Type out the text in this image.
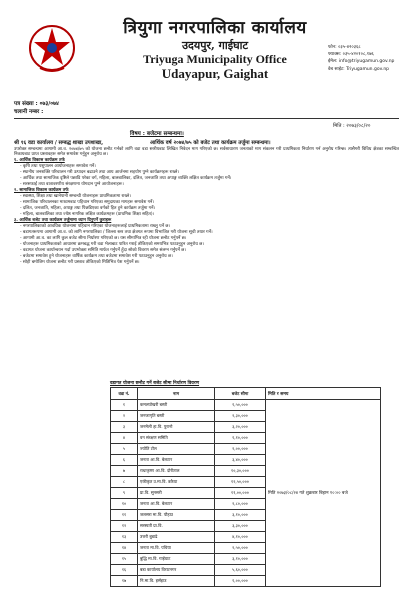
त्रियुगा नगरपालिका कार्यालय
उदयपुर, गाईघाट
Triyuga Municipality Office
Udayapur, Gaighat
फोन: ०३५-४२०३६८
फ्याक्स: ०३५-४२०१०८,१७६
ईमेल: info@triyugamun.gov.np
वेब साईट: Triyugamun.gov.np
पत्र संख्या : ०७३/०७४
चलानी नम्बर :
मिति : २०७३/०८/२०
विषय : बजेटमा सम्बन्धमा।
श्री १६ वडा कार्यालय / सम्बद्ध शाखा उपशाखा,	आर्थिक वर्ष २०७४/७५ को बजेट तथा कार्यक्रम तर्जुमा सम्बन्धमा।

उपरोक्त सम्बन्धमा आगामी आ.व. २०७४/७५ को योजना छनौट गर्नको लागि वडा वडा स्तरीयबाट लिखित निवेदन माग गरिएको छ। सर्वसाधारण जनताको माग संकलन गरी प्राथमिकता निर्धारण गर्न अनुरोध गरिन्छ। त्यसैगरी विविध क्षेत्रका सम्बन्धित निकायबाट प्राप्त प्रस्तावहरू समेत समावेश गर्नुहुन अनुरोध छ।

१. आर्थिक विकास कार्यक्रम तर्फ

- कृषि तथा पशुपालन आयोजनाहरू समावेश गर्ने।

- स्थानीय जनशक्ति परिचालन गरी उत्पादन बढाउने तथा आय आर्जनमा सहयोग पुग्ने कार्यक्रमहरू राख्ने।

- आर्थिक तथा सामाजिक दृष्टिले पछाडि परेका वर्ग, महिला, बालबालिका, दलित, जनजाति तथा अपाङ्ग व्यक्ति लक्षित कार्यक्रम तर्जुमा गर्ने।

- सरसफाई तथा वातावरणीय संरक्षणमा योगदान पुग्ने आयोजनाहरू।

२. सामाजिक विकास कार्यक्रम तर्फ

- स्वास्थ्य, शिक्षा तथा खानेपानी सम्बन्धी योजनाहरू प्राथमिकतामा राख्ने।

- सामाजिक परिचालनका माध्यमबाट पहिचान गरिएका समुदायका मागहरू समावेश गर्ने।

- दलित, जनजाति, महिला, अपाङ्ग तथा पिछडिएका वर्गको हित हुने कार्यक्रम तर्जुमा गर्ने।

- महिला, बालबालिका तथा ज्येष्ठ नागरिक लक्षित कार्यक्रमहरू (प्राथमिक शिक्षा सहित)।

३. आर्थिक बजेट तथा कार्यक्रम तर्जुमामा ध्यान दिनुपर्ने कुराहरू

- नगरपालिकाको आवधिक योजनामा पहिचान गरिएका योजनाहरूलाई प्राथमिकतामा राख्नु पर्ने छ।

- बडागतरूपमा आगामी आ.व. को लागि नगरपालिका / जिल्ला स्तर तथा क्षेत्रगत रूपमा विभाजित गरी योजना सूची तयार गर्ने।

- आगामी आ.व. का लागि कुल बजेट सीमा निर्धारण गरिएको छ। यस सीमाभित्र रही योजना छनौट गर्नुपर्ने छ।

- योजनाहरू प्राथमिकताको आधारमा क्रमबद्ध गरी वडा भेलाबाट पारित गराई तोकिएको समयभित्र पठाउनुहुन अनुरोध छ।

- वडागत योजना कार्यान्वयन गर्दा उपभोक्ता समिति मार्फत गर्नुपर्ने हुँदा सोको विवरण समेत संलग्न गर्नुपर्ने छ।

- बजेटमा समावेश हुने योजनाहरू वार्षिक कार्यक्रम तथा बजेटमा समावेश गरी पठाउनुहुन अनुरोध छ।

- सोही बमोजिम योजना छनौट गरी प्रस्ताव तोकिएको मितिभित्र पेश गर्नुपर्ने छ।

वडागत योजना छनौट गर्ने बजेट सीमा निर्धारण विवरण
वडा नं.	नाम	बजेट सीमा	मिति र समय
१	कमलपोखरी बस्ती	१,५०,०००	मिति २०७३/०८/२४ गते शुक्रबार बिहान १०:०० बजे
२	जनजागृति बस्ती	२,३०,०००	
३	जनमेली हा.वि. पुरानो	३,२०,०००	
४	वन संरक्षण समिति	१,१०,०००	
५	ज्योति टोल	२,००,०००	
६	जनता आ.वि. बेलटार	३,४०,०००	
७	राधाकृष्ण आ.वि. दोरीताल	१०,३०,०००	
८	एकीकृत उ.मा.वि. डकैया	१२,५०,०००	
९	प्रा.वि. सुनसरी	११,००,०००	
१०	जनता आ.वि. बेलटार	२,८०,०००	
११	जलसरा मा.वि. पौहाउ	३,१०,०००	
१२	सरस्वती प्रा.वि.	३,३०,०००	
१३	उत्तरी बुडाढे	४,१०,०००	
१४	जनता मा.वि. पचिया	२,५०,०००	
१५	बुद्धि मा.वि. गाईघाट	३,१०,०००	
१६	बडा कार्यालय विराटनगर	५,६०,०००	
१७	नि.मा.वि. हर्सहाउ	१,००,०००	
